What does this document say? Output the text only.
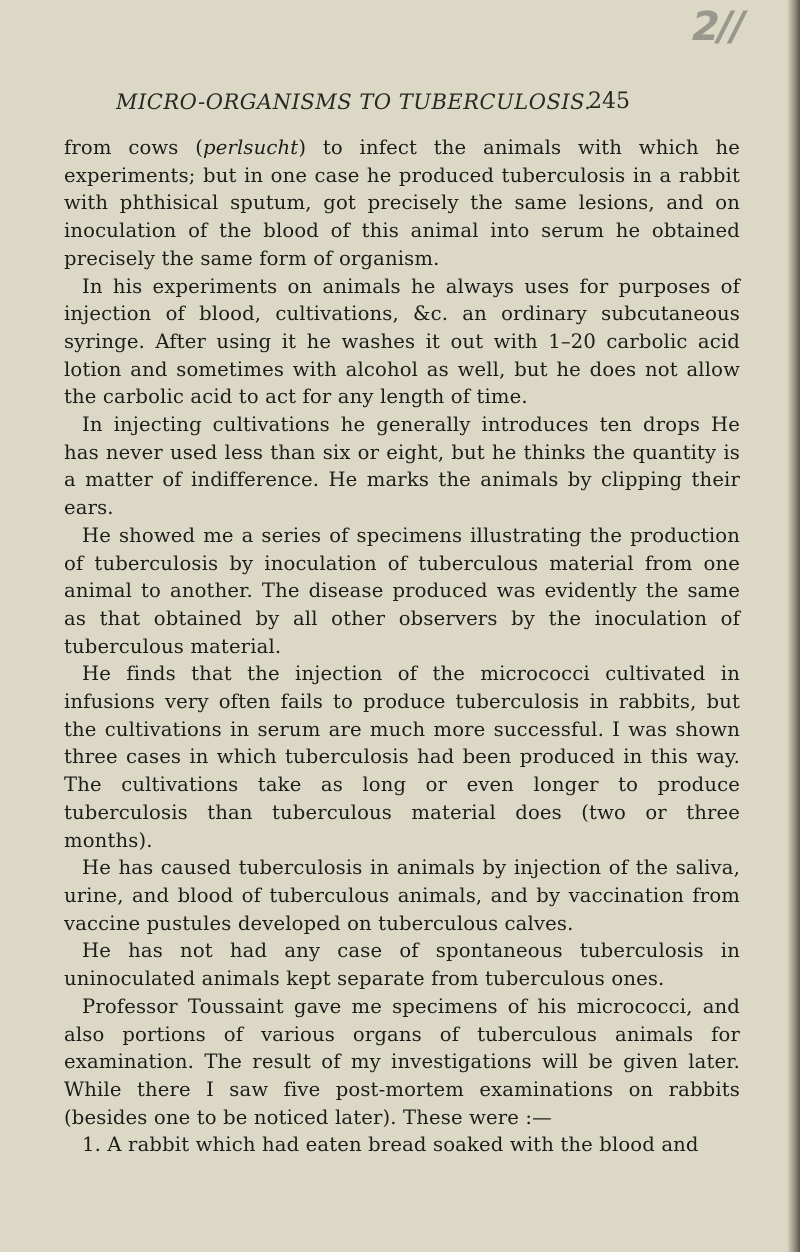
2//
MICRO-ORGANISMS TO TUBERCULOSIS.
245

from cows (perlsucht) to infect the animals with which he experiments; but in one case he produced tuberculosis in a rabbit with phthisical sputum, got precisely the same lesions, and on inoculation of the blood of this animal into serum he obtained precisely the same form of organism.

In his experiments on animals he always uses for purposes of injection of blood, cultivations, &c. an ordinary subcutaneous syringe. After using it he washes it out with 1–20 carbolic acid lotion and sometimes with alcohol as well, but he does not allow the carbolic acid to act for any length of time.

In injecting cultivations he generally introduces ten drops He has never used less than six or eight, but he thinks the quantity is a matter of indifference. He marks the animals by clipping their ears.

He showed me a series of specimens illustrating the production of tuberculosis by inoculation of tuberculous material from one animal to another. The disease produced was evidently the same as that obtained by all other observers by the inoculation of tuberculous material.

He finds that the injection of the micrococci cultivated in infusions very often fails to produce tuberculosis in rabbits, but the cultivations in serum are much more successful. I was shown three cases in which tuberculosis had been produced in this way. The cultivations take as long or even longer to produce tuberculosis than tuberculous material does (two or three months).

He has caused tuberculosis in animals by injection of the saliva, urine, and blood of tuberculous animals, and by vaccination from vaccine pustules developed on tuberculous calves.

He has not had any case of spontaneous tuberculosis in uninoculated animals kept separate from tuberculous ones.

Professor Toussaint gave me specimens of his micrococci, and also portions of various organs of tuberculous animals for examination. The result of my investigations will be given later. While there I saw five post-mortem examinations on rabbits (besides one to be noticed later). These were :—

1. A rabbit which had eaten bread soaked with the blood and
